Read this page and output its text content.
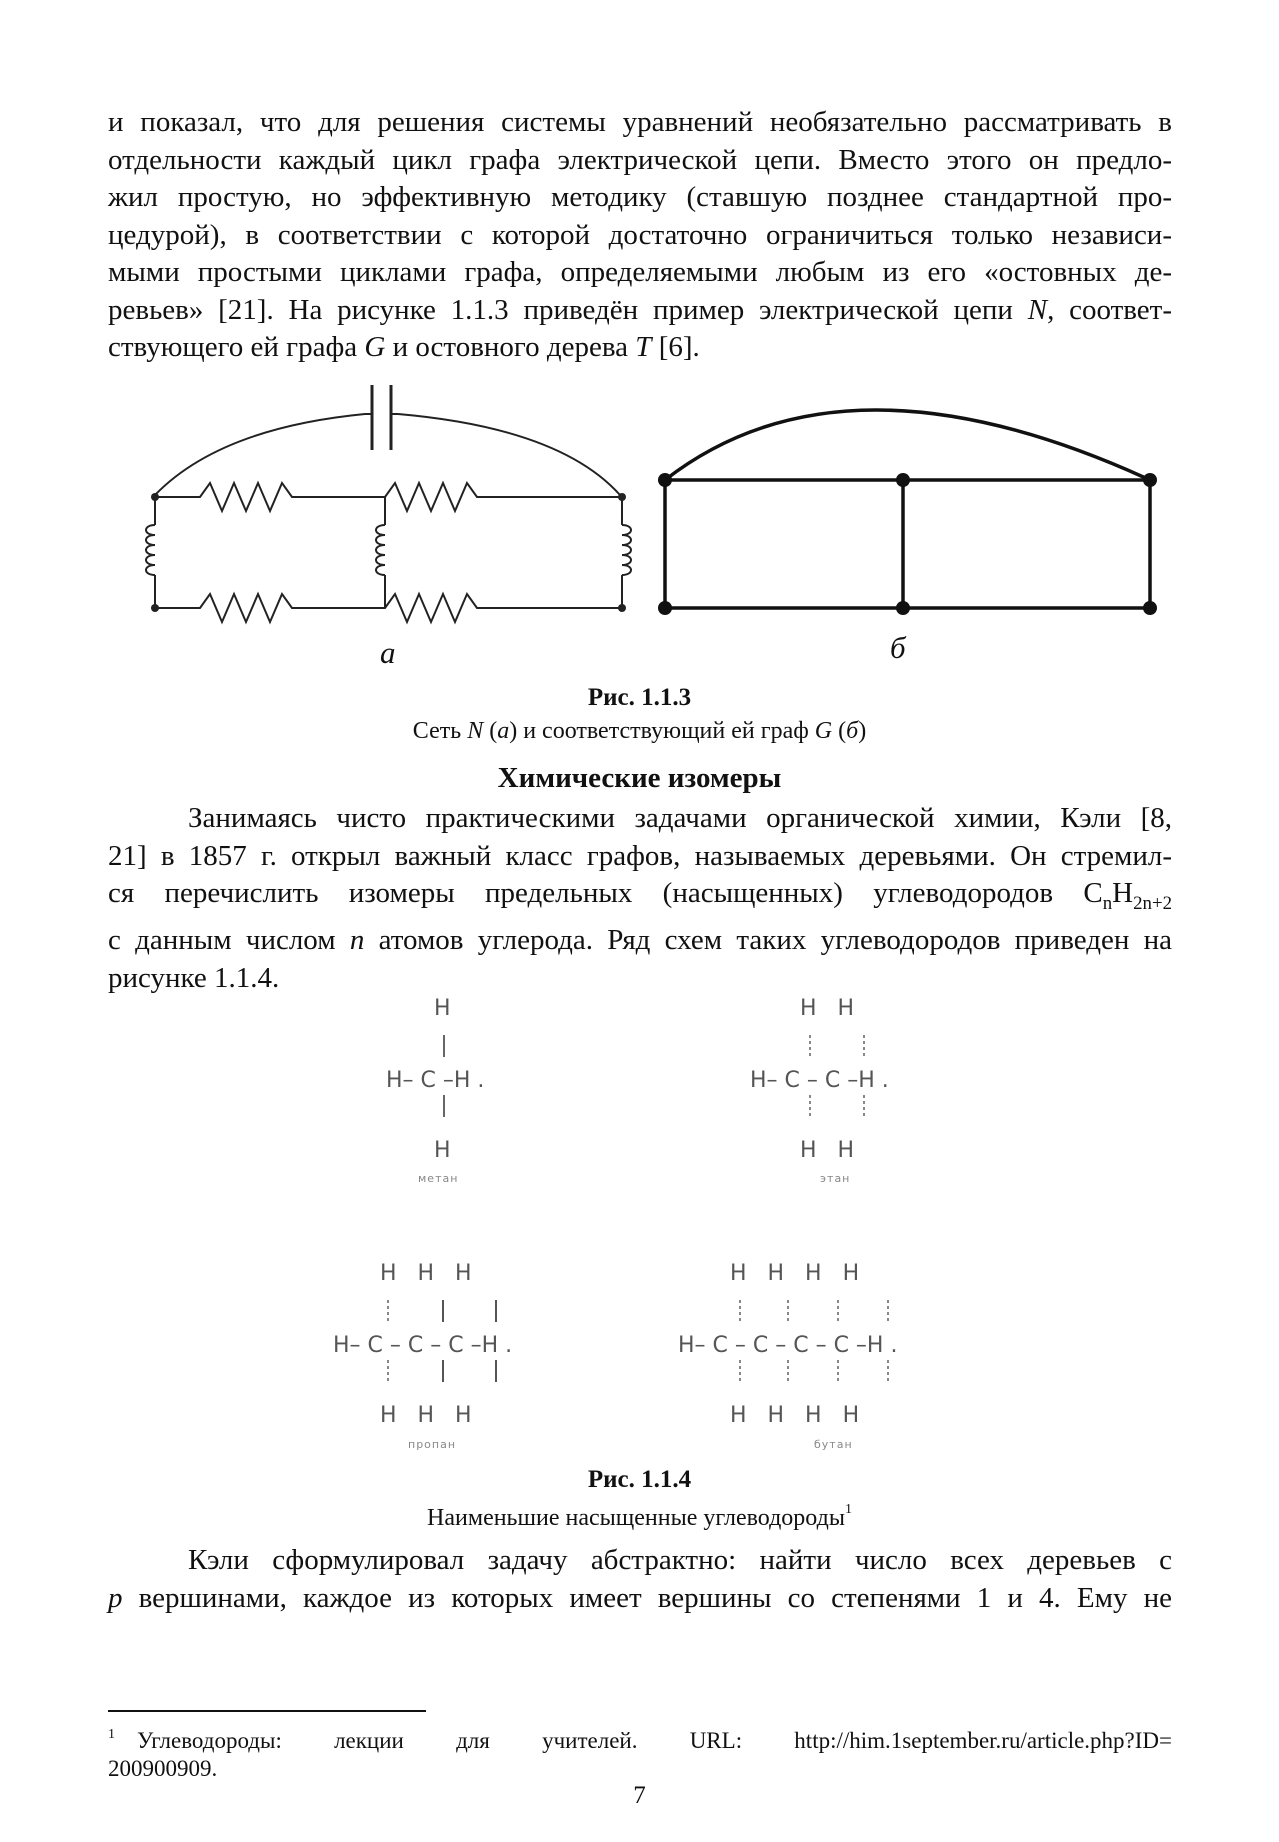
и показал, что для решения системы уравнений необязательно рассматривать в
отдельности каждый цикл графа электрической цепи. Вместо этого он предло-
жил простую, но эффективную методику (ставшую позднее стандартной про-
цедурой), в соответствии с которой достаточно ограничиться только независи-
мыми простыми циклами графа, определяемыми любым из его «остовных де-
ревьев» [21]. На рисунке 1.1.3 приведён пример электрической цепи N, соответ-
ствующего ей графа G и остовного дерева T [6].
а	б
Рис. 1.1.3
Сеть N (а) и соответствующий ей граф G (б)
Химические изомеры
Занимаясь чисто практическими задачами органической химии, Кэли [8,
21] в 1857 г. открыл важный класс графов, называемых деревьями. Он стремил-
ся перечислить изомеры предельных (насыщенных) углеводородов $C_nH_{2n+2}$
с данным числом n атомов углерода. Ряд схем таких углеводородов приведен на
рисунке 1.1.4.
H
H– C –H .
H
метан
H   H
H– C – C –H .
H   H
этан
H   H   H
H– C – C – C –H .
H   H   H
пропан
H   H   H   H
H– C – C – C – C –H .
H   H   H   H
бутан
Рис. 1.1.4
Наименьшие насыщенные углеводороды$^1$
Кэли сформулировал задачу абстрактно: найти число всех деревьев с
p вершинами, каждое из которых имеет вершины со степенями 1 и 4. Ему не
$^1$ Углеводороды: лекции для учителей. URL: http://him.1september.ru/article.php?ID=
200900909.
7
